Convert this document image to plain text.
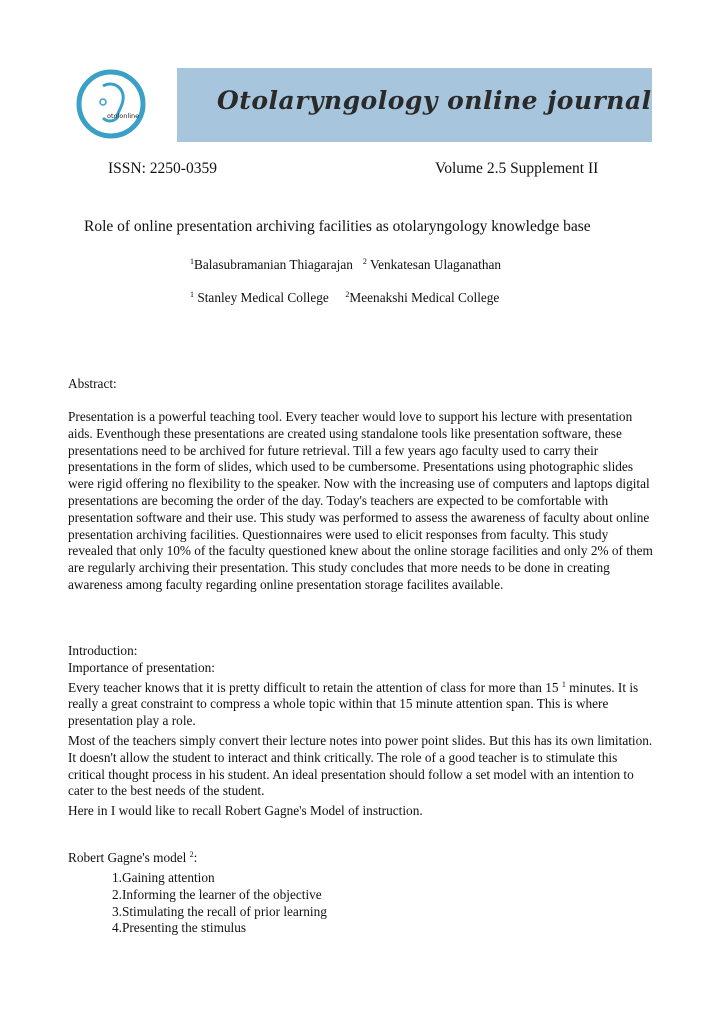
otolonline
Otolaryngology online journal
ISSN: 2250-0359	Volume 2.5 Supplement II
Role of online presentation archiving facilities as otolaryngology knowledge base
$^1$Balasubramanian Thiagarajan $^2$ Venkatesan Ulaganathan
$^1$ Stanley Medical College $^2$Meenakshi Medical College
Abstract:

Presentation is a powerful teaching tool. Every teacher would love to support his lecture with presentation aids. Eventhough these presentations are created using standalone tools like presentation software, these presentations need to be archived for future retrieval. Till a few years ago faculty used to carry their presentations in the form of slides, which used to be cumbersome. Presentations using photographic slides were rigid offering no flexibility to the speaker. Now with the increasing use of computers and laptops digital presentations are becoming the order of the day. Today's teachers are expected to be comfortable with presentation software and their use. This study was performed to assess the awareness of faculty about online presentation archiving facilities. Questionnaires were used to elicit responses from faculty. This study revealed that only 10% of the faculty questioned knew about the online storage facilities and only 2% of them are regularly archiving their presentation. This study concludes that more needs to be done in creating awareness among faculty regarding online presentation storage facilites available.

Introduction:

Importance of presentation:

Every teacher knows that it is pretty difficult to retain the attention of class for more than 15 $^1$ minutes. It is really a great constraint to compress a whole topic within that 15 minute attention span. This is where presentation play a role.

Most of the teachers simply convert their lecture notes into power point slides. But this has its own limitation. It doesn't allow the student to interact and think critically. The role of a good teacher is to stimulate this critical thought process in his student. An ideal presentation should follow a set model with an intention to cater to the best needs of the student.

Here in I would like to recall Robert Gagne's Model of instruction.

Robert Gagne's model $^2$:
1.Gaining attention
2.Informing the learner of the objective
3.Stimulating the recall of prior learning
4.Presenting the stimulus
